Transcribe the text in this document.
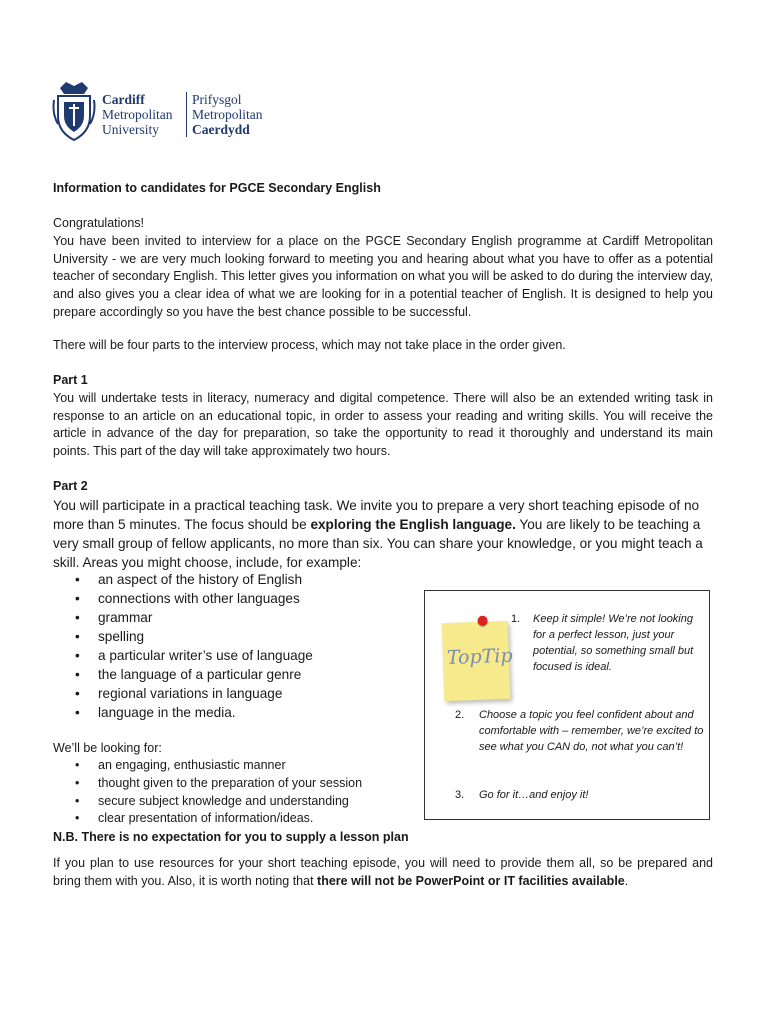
Cardiff
Metropolitan
University
Prifysgol
Metropolitan
Caerdydd
Information to candidates for PGCE Secondary English

Congratulations!

You have been invited to interview for a place on the PGCE Secondary English programme at Cardiff Metropolitan University - we are very much looking forward to meeting you and hearing about what you have to offer as a potential teacher of secondary English. This letter gives you information on what you will be asked to do during the interview day, and also gives you a clear idea of what we are looking for in a potential teacher of English. It is designed to help you prepare accordingly so you have the best chance possible to be successful.

There will be four parts to the interview process, which may not take place in the order given.

Part 1

You will undertake tests in literacy, numeracy and digital competence. There will also be an extended writing task in response to an article on an educational topic, in order to assess your reading and writing skills. You will receive the article in advance of the day for preparation, so take the opportunity to read it thoroughly and understand its main points. This part of the day will take approximately two hours.

Part 2

You will participate in a practical teaching task. We invite you to prepare a very short teaching episode of no more than 5 minutes. The focus should be exploring the English language. You are likely to be teaching a very small group of fellow applicants, no more than six. You can share your knowledge, or you might teach a skill. Areas you might choose, include, for example:
• an aspect of the history of English
• connections with other languages
• grammar
• spelling
• a particular writer’s use of language
• the language of a particular genre
• regional variations in language
• language in the media.
We’ll be looking for:
• an engaging, enthusiastic manner
• thought given to the preparation of your session
• secure subject knowledge and understanding
• clear presentation of information/ideas.
N.B. There is no expectation for you to supply a lesson plan
If you plan to use resources for your short teaching episode, you will need to provide them all, so be prepared and bring them with you. Also, it is worth noting that there will not be PowerPoint or IT facilities available.
TopTip
1.	Keep it simple! We’re not looking for a perfect lesson, just your potential, so something small but focused is ideal.
2.	Choose a topic you feel confident about and comfortable with – remember, we’re excited to see what you CAN do, not what you can’t!
3.	Go for it…and enjoy it!
